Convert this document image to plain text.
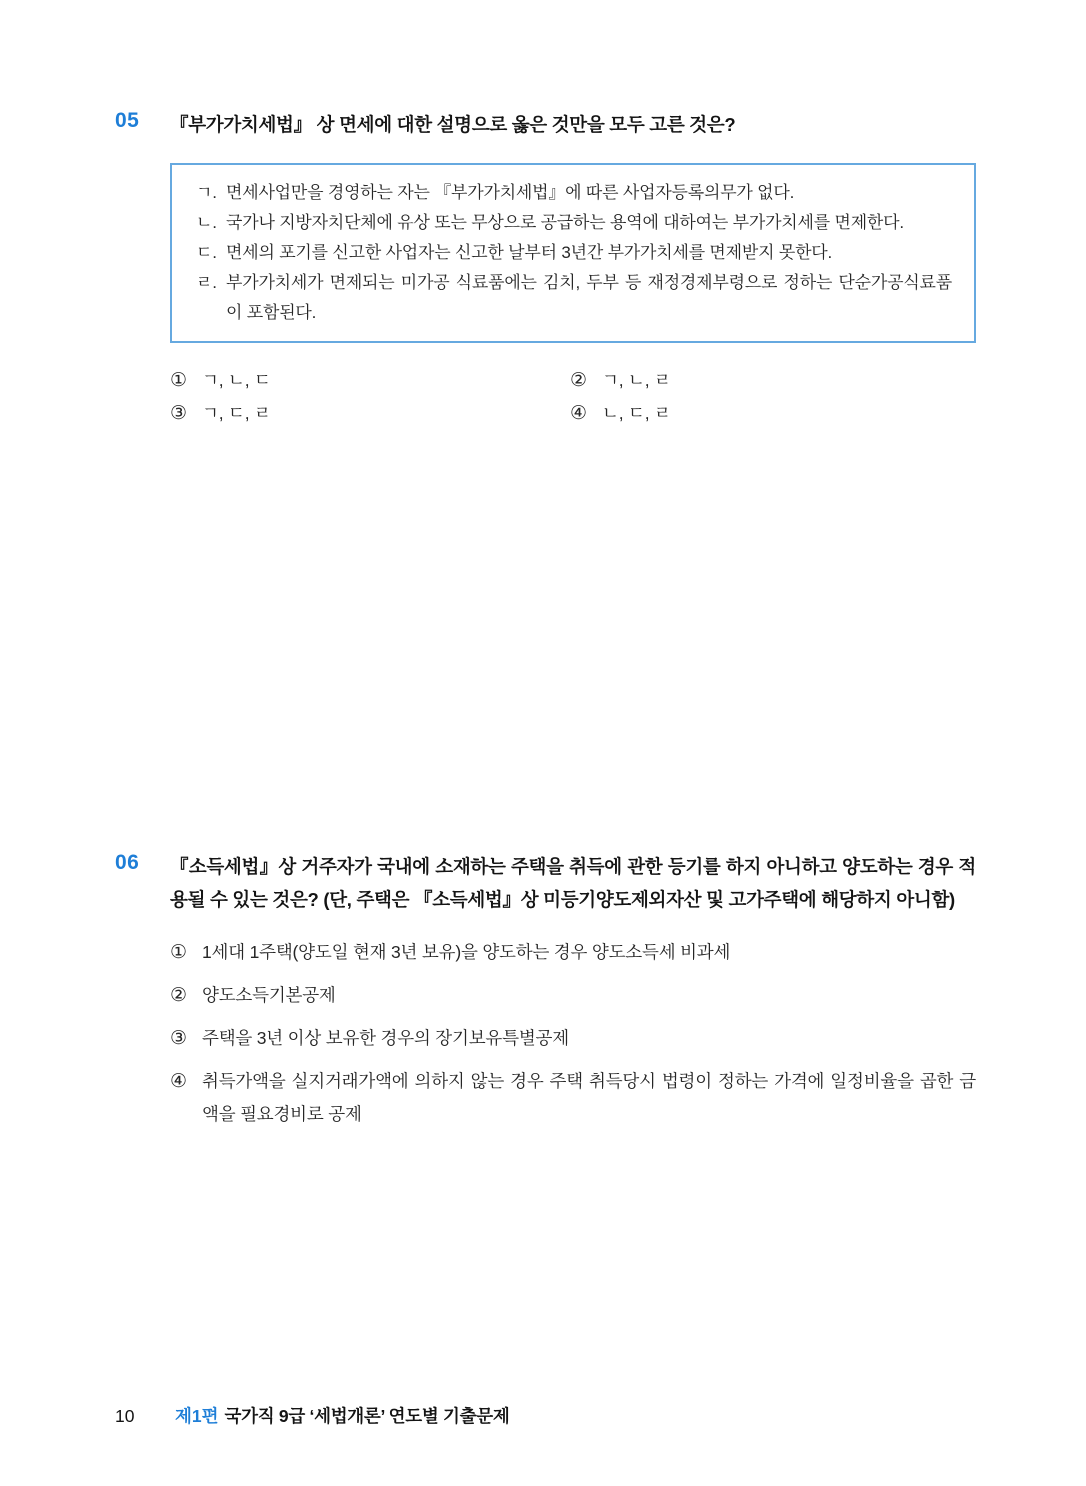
05	『부가가치세법』 상 면세에 대한 설명으로 옳은 것만을 모두 고른 것은?
ㄱ. 면세사업만을 경영하는 자는 『부가가치세법』에 따른 사업자등록의무가 없다.
ㄴ. 국가나 지방자치단체에 유상 또는 무상으로 공급하는 용역에 대하여는 부가가치세를 면제한다.
ㄷ. 면세의 포기를 신고한 사업자는 신고한 날부터 3년간 부가가치세를 면제받지 못한다.
ㄹ. 부가가치세가 면제되는 미가공 식료품에는 김치, 두부 등 재정경제부령으로 정하는 단순가공식료품이 포함된다.
① ㄱ, ㄴ, ㄷ	② ㄱ, ㄴ, ㄹ
③ ㄱ, ㄷ, ㄹ	④ ㄴ, ㄷ, ㄹ
06	『소득세법』상 거주자가 국내에 소재하는 주택을 취득에 관한 등기를 하지 아니하고 양도하는 경우 적용될 수 있는 것은? (단, 주택은 『소득세법』상 미등기양도제외자산 및 고가주택에 해당하지 아니함)
① 1세대 1주택(양도일 현재 3년 보유)을 양도하는 경우 양도소득세 비과세
② 양도소득기본공제
③ 주택을 3년 이상 보유한 경우의 장기보유특별공제
④ 취득가액을 실지거래가액에 의하지 않는 경우 주택 취득당시 법령이 정하는 가격에 일정비율을 곱한 금액을 필요경비로 공제
10	제1편 국가직 9급 ‘세법개론’ 연도별 기출문제
